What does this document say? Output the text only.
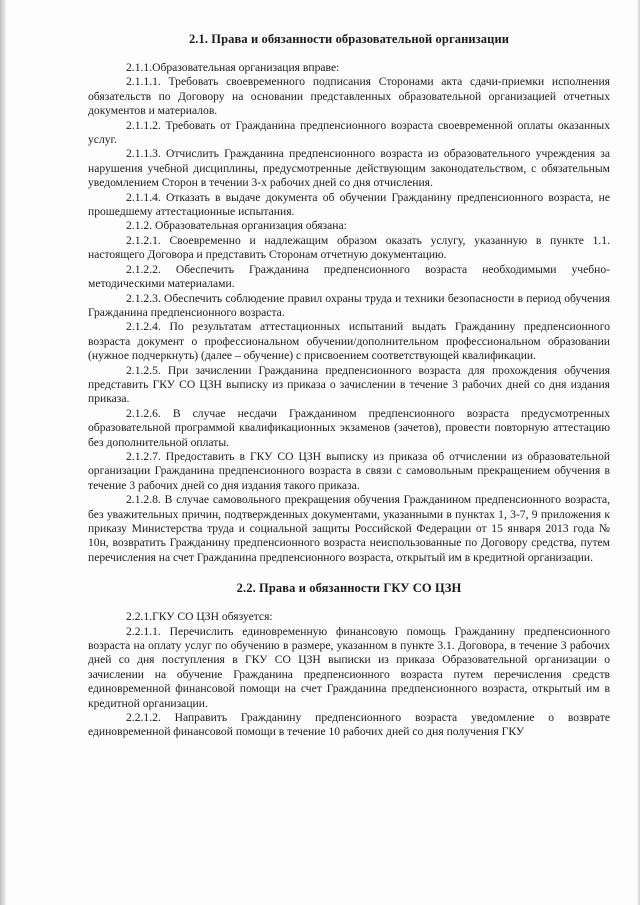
2.1. Права и обязанности образовательной организации

2.1.1.Образовательная организация вправе:

2.1.1.1. Требовать своевременного подписания Сторонами акта сдачи-приемки исполнения обязательств по Договору на основании представленных образовательной организацией отчетных документов и материалов.

2.1.1.2. Требовать от Гражданина предпенсионного возраста своевременной оплаты оказанных услуг.

2.1.1.3. Отчислить Гражданина предпенсионного возраста из образовательного учреждения за нарушения учебной дисциплины, предусмотренные действующим законодательством, с обязательным уведомлением Сторон в течении 3-х рабочих дней со дня отчисления.

2.1.1.4. Отказать в выдаче документа об обучении Гражданину предпенсионного возраста, не прошедшему аттестационные испытания.

2.1.2. Образовательная организация обязана:

2.1.2.1. Своевременно и надлежащим образом оказать услугу, указанную в пункте 1.1. настоящего Договора и представить Сторонам отчетную документацию.

2.1.2.2. Обеспечить Гражданина предпенсионного возраста необходимыми учебно-методическими материалами.

2.1.2.3. Обеспечить соблюдение правил охраны труда и техники безопасности в период обучения Гражданина предпенсионного возраста.

2.1.2.4. По результатам аттестационных испытаний выдать Гражданину предпенсионного возраста документ о профессиональном обучении/дополнительном профессиональном образовании (нужное подчеркнуть) (далее – обучение) с присвоением соответствующей квалификации.

2.1.2.5. При зачислении Гражданина предпенсионного возраста для прохождения обучения представить ГКУ СО ЦЗН выписку из приказа о зачислении в течение 3 рабочих дней со дня издания приказа.

2.1.2.6. В случае несдачи Гражданином предпенсионного возраста предусмотренных образовательной программой квалификационных экзаменов (зачетов), провести повторную аттестацию без дополнительной оплаты.

2.1.2.7. Предоставить в ГКУ СО ЦЗН выписку из приказа об отчислении из образовательной организации Гражданина предпенсионного возраста в связи с самовольным прекращением обучения в течение 3 рабочих дней со дня издания такого приказа.

2.1.2.8. В случае самовольного прекращения обучения Гражданином предпенсионного возраста, без уважительных причин, подтвержденных документами, указанными в пунктах 1, 3-7, 9 приложения к приказу Министерства труда и социальной защиты Российской Федерации от 15 января 2013 года № 10н, возвратить Гражданину предпенсионного возраста неиспользованные по Договору средства, путем перечисления на счет Гражданина предпенсионного возраста, открытый им в кредитной организации.

2.2. Права и обязанности ГКУ СО ЦЗН

2.2.1.ГКУ СО ЦЗН обязуется:

2.2.1.1. Перечислить единовременную финансовую помощь Гражданину предпенсионного возраста на оплату услуг по обучению в размере, указанном в пункте 3.1. Договора, в течение 3 рабочих дней со дня поступления в ГКУ СО ЦЗН выписки из приказа Образовательной организации о зачислении на обучение Гражданина предпенсионного возраста путем перечисления средств единовременной финансовой помощи на счет Гражданина предпенсионного возраста, открытый им в кредитной организации.

2.2.1.2. Направить Гражданину предпенсионного возраста уведомление о возврате единовременной финансовой помощи в течение 10 рабочих дней со дня получения ГКУ
